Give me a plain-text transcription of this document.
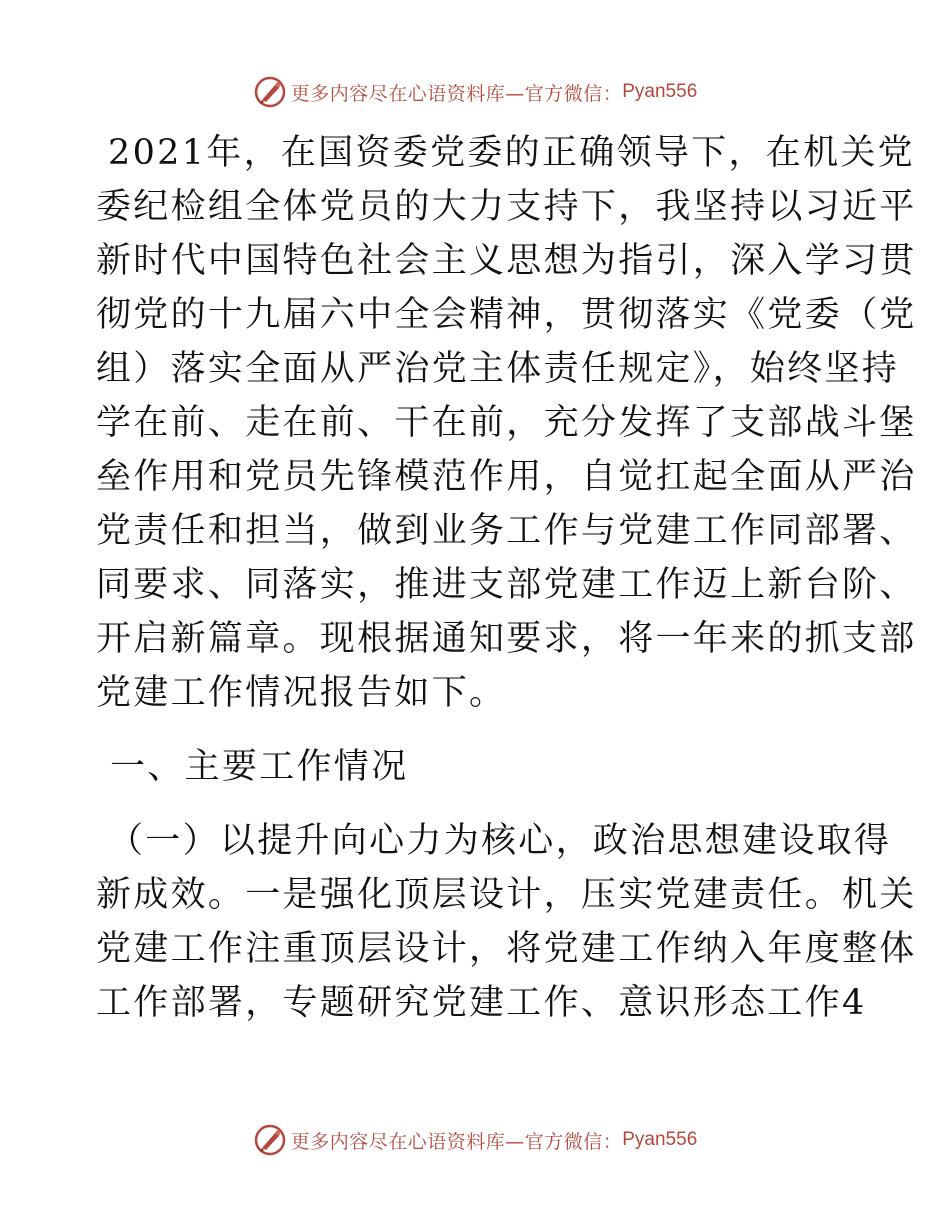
更多内容尽在心语资料库—官方微信： Pyan556
2021年，在国资委党委的正确领导下，在机关党
委纪检组全体党员的大力支持下，我坚持以习近平
新时代中国特色社会主义思想为指引，深入学习贯
彻党的十九届六中全会精神，贯彻落实《党委（党
组）落实全面从严治党主体责任规定》，始终坚持
学在前、走在前、干在前，充分发挥了支部战斗堡
垒作用和党员先锋模范作用，自觉扛起全面从严治
党责任和担当，做到业务工作与党建工作同部署、
同要求、同落实，推进支部党建工作迈上新台阶、
开启新篇章。现根据通知要求，将一年来的抓支部
党建工作情况报告如下。
一、主要工作情况
（一）以提升向心力为核心，政治思想建设取得
新成效。一是强化顶层设计，压实党建责任。机关
党建工作注重顶层设计，将党建工作纳入年度整体
工作部署，专题研究党建工作、意识形态工作4
更多内容尽在心语资料库—官方微信： Pyan556
